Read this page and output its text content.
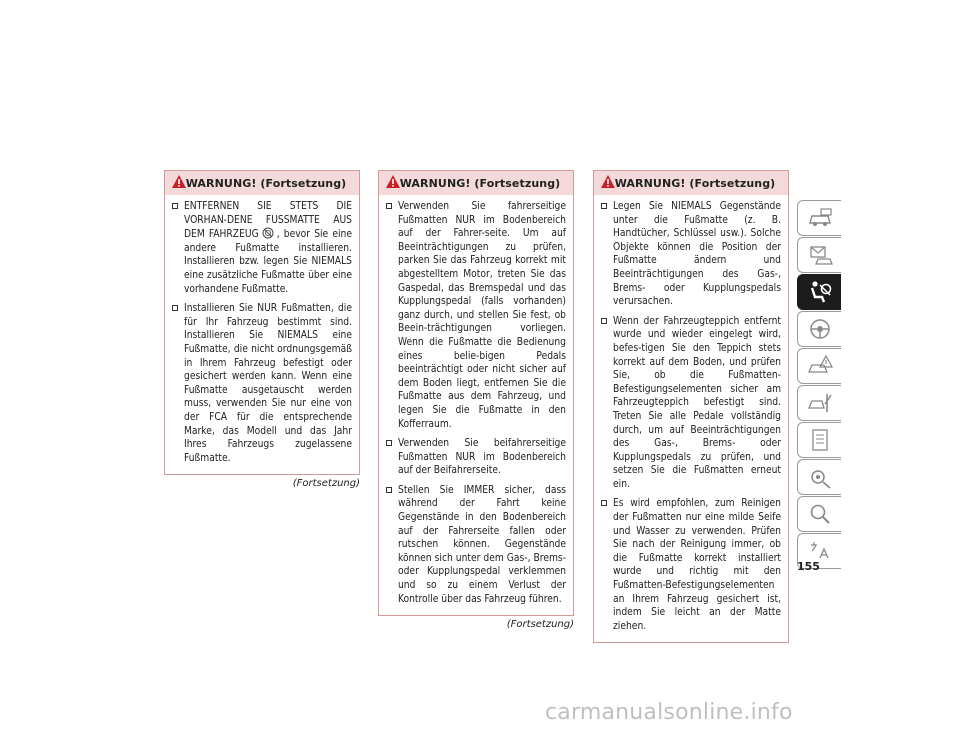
WARNUNG! (Fortsetzung)
ENTFERNEN SIE STETS DIE VORHAN-DENE FUSSMATTE AUS DEM FAHRZEUG , bevor Sie eine andere Fußmatte installieren. Installieren bzw. legen Sie NIEMALS eine zusätzliche Fußmatte über eine vorhandene Fußmatte.
Installieren Sie NUR Fußmatten, die für Ihr Fahrzeug bestimmt sind. Installieren Sie NIEMALS eine Fußmatte, die nicht ordnungsgemäß in Ihrem Fahrzeug befestigt oder gesichert werden kann. Wenn eine Fußmatte ausgetauscht werden muss, verwenden Sie nur eine von der FCA für die entsprechende Marke, das Modell und das Jahr Ihres Fahrzeugs zugelassene Fußmatte.
(Fortsetzung)
WARNUNG! (Fortsetzung)
Verwenden Sie fahrerseitige Fußmatten NUR im Bodenbereich auf der Fahrer-seite. Um auf Beeinträchtigungen zu prüfen, parken Sie das Fahrzeug korrekt mit abgestelltem Motor, treten Sie das Gaspedal, das Bremspedal und das Kupplungspedal (falls vorhanden) ganz durch, und stellen Sie fest, ob Beein-trächtigungen vorliegen. Wenn die Fußmatte die Bedienung eines belie-bigen Pedals beeinträchtigt oder nicht sicher auf dem Boden liegt, entfernen Sie die Fußmatte aus dem Fahrzeug, und legen Sie die Fußmatte in den Kofferraum.
Verwenden Sie beifahrerseitige Fußmatten NUR im Bodenbereich auf der Beifahrerseite.
Stellen Sie IMMER sicher, dass während der Fahrt keine Gegenstände in den Bodenbereich auf der Fahrerseite fallen oder rutschen können. Gegenstände können sich unter dem Gas-, Brems- oder Kupplungspedal verklemmen und so zu einem Verlust der Kontrolle über das Fahrzeug führen.
(Fortsetzung)
WARNUNG! (Fortsetzung)
Legen Sie NIEMALS Gegenstände unter die Fußmatte (z. B. Handtücher, Schlüssel usw.). Solche Objekte können die Position der Fußmatte ändern und Beeinträchtigungen des Gas-, Brems- oder Kupplungspedals verursachen.
Wenn der Fahrzeugteppich entfernt wurde und wieder eingelegt wird, befes-tigen Sie den Teppich stets korrekt auf dem Boden, und prüfen Sie, ob die Fußmatten-Befestigungselementen sicher am Fahrzeugteppich befestigt sind. Treten Sie alle Pedale vollständig durch, um auf Beeinträchtigungen des Gas-, Brems- oder Kupplungspedals zu prüfen, und setzen Sie die Fußmatten erneut ein.
Es wird empfohlen, zum Reinigen der Fußmatten nur eine milde Seife und Wasser zu verwenden. Prüfen Sie nach der Reinigung immer, ob die Fußmatte korrekt installiert wurde und richtig mit den Fußmatten-Befestigungselementen an Ihrem Fahrzeug gesichert ist, indem Sie leicht an der Matte ziehen.
155
carmanualsonline.info
